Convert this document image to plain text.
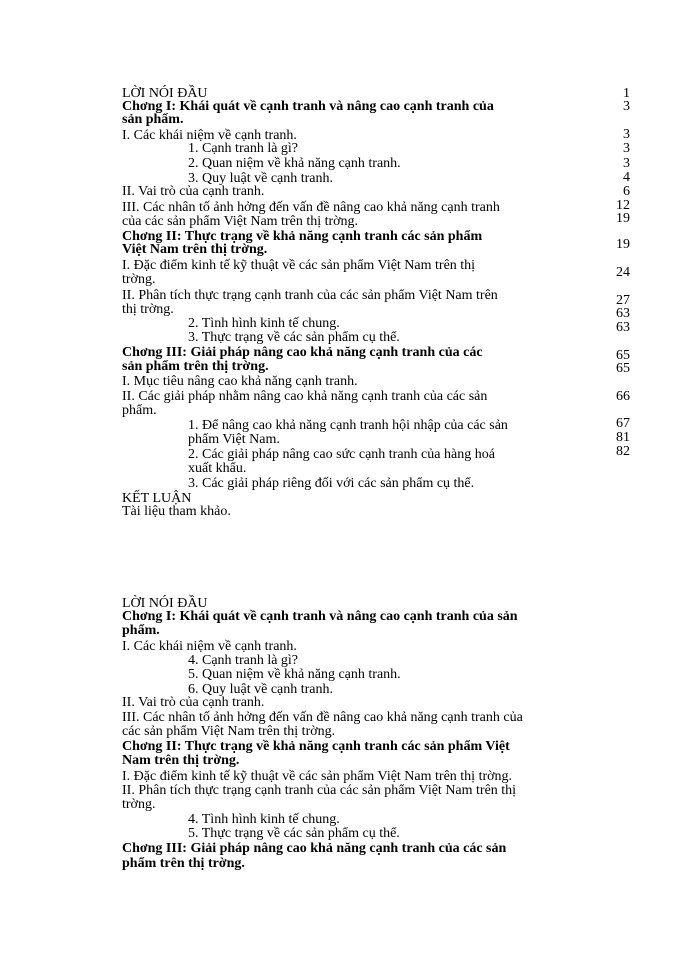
LỜI NÓI ĐẦU
Chơng I: Khái quát về cạnh tranh và nâng cao cạnh tranh của
sản phẩm.
I. Các khái niệm về cạnh tranh.
1. Cạnh tranh là gì?
2. Quan niệm về khả năng cạnh tranh.
3. Quy luật về cạnh tranh.
II. Vai trò của cạnh tranh.
III. Các nhân tố ảnh hởng đến vấn đề nâng cao khả năng cạnh tranh
của các sản phẩm Việt Nam trên thị trờng.
Chơng II: Thực trạng về khả năng cạnh tranh các sản phẩm
Việt Nam trên thị trờng.
I. Đặc điểm kinh tế kỹ thuật về các sản phẩm Việt Nam trên thị
trờng.
II. Phân tích thực trạng cạnh tranh của các sản phẩm Việt Nam trên
thị trờng.
2. Tình hình kinh tế chung.
3. Thực trạng về các sản phẩm cụ thể.
Chơng III: Giải pháp nâng cao khả năng cạnh tranh của các
sản phẩm trên thị trờng.
I. Mục tiêu nâng cao khả năng cạnh tranh.
II. Các giải pháp nhằm nâng cao khả năng cạnh tranh của các sản
phẩm.
1. Để nâng cao khả năng cạnh tranh hội nhập của các sản
phẩm Việt Nam.
2. Các giải pháp nâng cao sức cạnh tranh của hàng hoá
xuất khẩu.
3. Các giải pháp riêng đối với các sản phẩm cụ thể.
KẾT LUẬN
Tài liệu tham khảo.
1
3
3
3
3
4
6
12
19
19
24
27
63
63
65
65
66
67
81
82
LỜI NÓI ĐẦU
Chơng I: Khái quát về cạnh tranh và nâng cao cạnh tranh của sản
phẩm.
I. Các khái niệm về cạnh tranh.
4. Cạnh tranh là gì?
5. Quan niệm về khả năng cạnh tranh.
6. Quy luật về cạnh tranh.
II. Vai trò của cạnh tranh.
III. Các nhân tố ảnh hởng đến vấn đề nâng cao khả năng cạnh tranh của
các sản phẩm Việt Nam trên thị trờng.
Chơng II: Thực trạng về khả năng cạnh tranh các sản phẩm Việt
Nam trên thị trờng.
I. Đặc điểm kinh tế kỹ thuật về các sản phẩm Việt Nam trên thị trờng.
II. Phân tích thực trạng cạnh tranh của các sản phẩm Việt Nam trên thị
trờng.
4. Tình hình kinh tế chung.
5. Thực trạng về các sản phẩm cụ thể.
Chơng III: Giải pháp nâng cao khả năng cạnh tranh của các sản
phẩm trên thị trờng.
